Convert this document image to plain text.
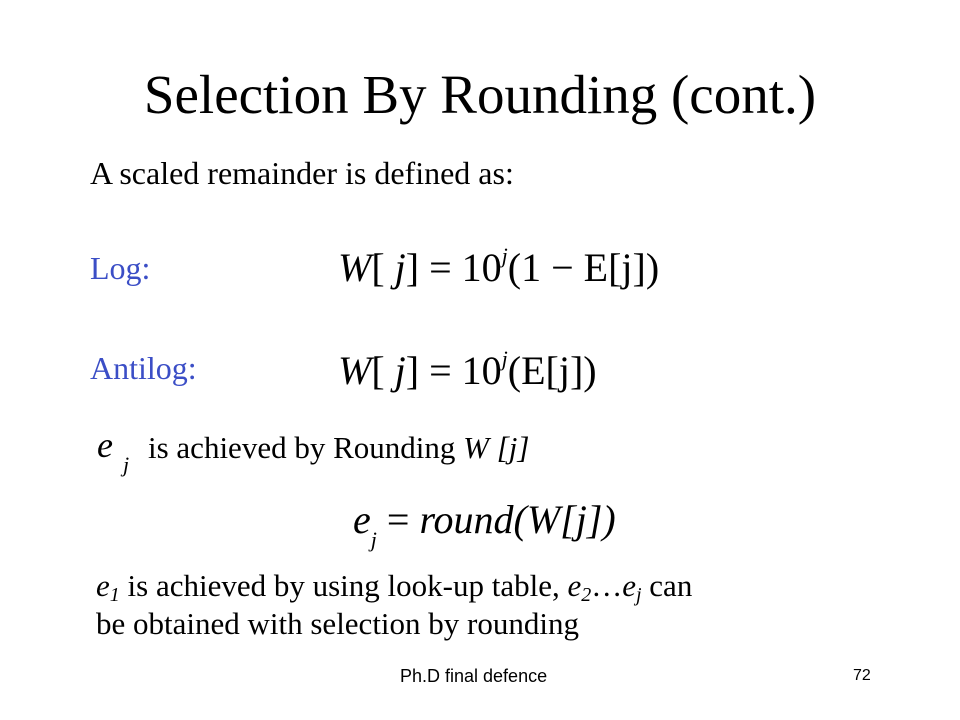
Selection By Rounding (cont.)
A scaled remainder is defined as:
Log:	W[ $j] = 10^j(1 - E[j])$
Antilog:	W[ $j] = 10^j(E[j])$
e $_j$ is achieved by Rounding W [j]
$e_j$ = round(W[j])
$e_1$ is achieved by using look-up table, $e_2\dots e_j$ can
be obtained with selection by rounding
Ph.D final defence	72
